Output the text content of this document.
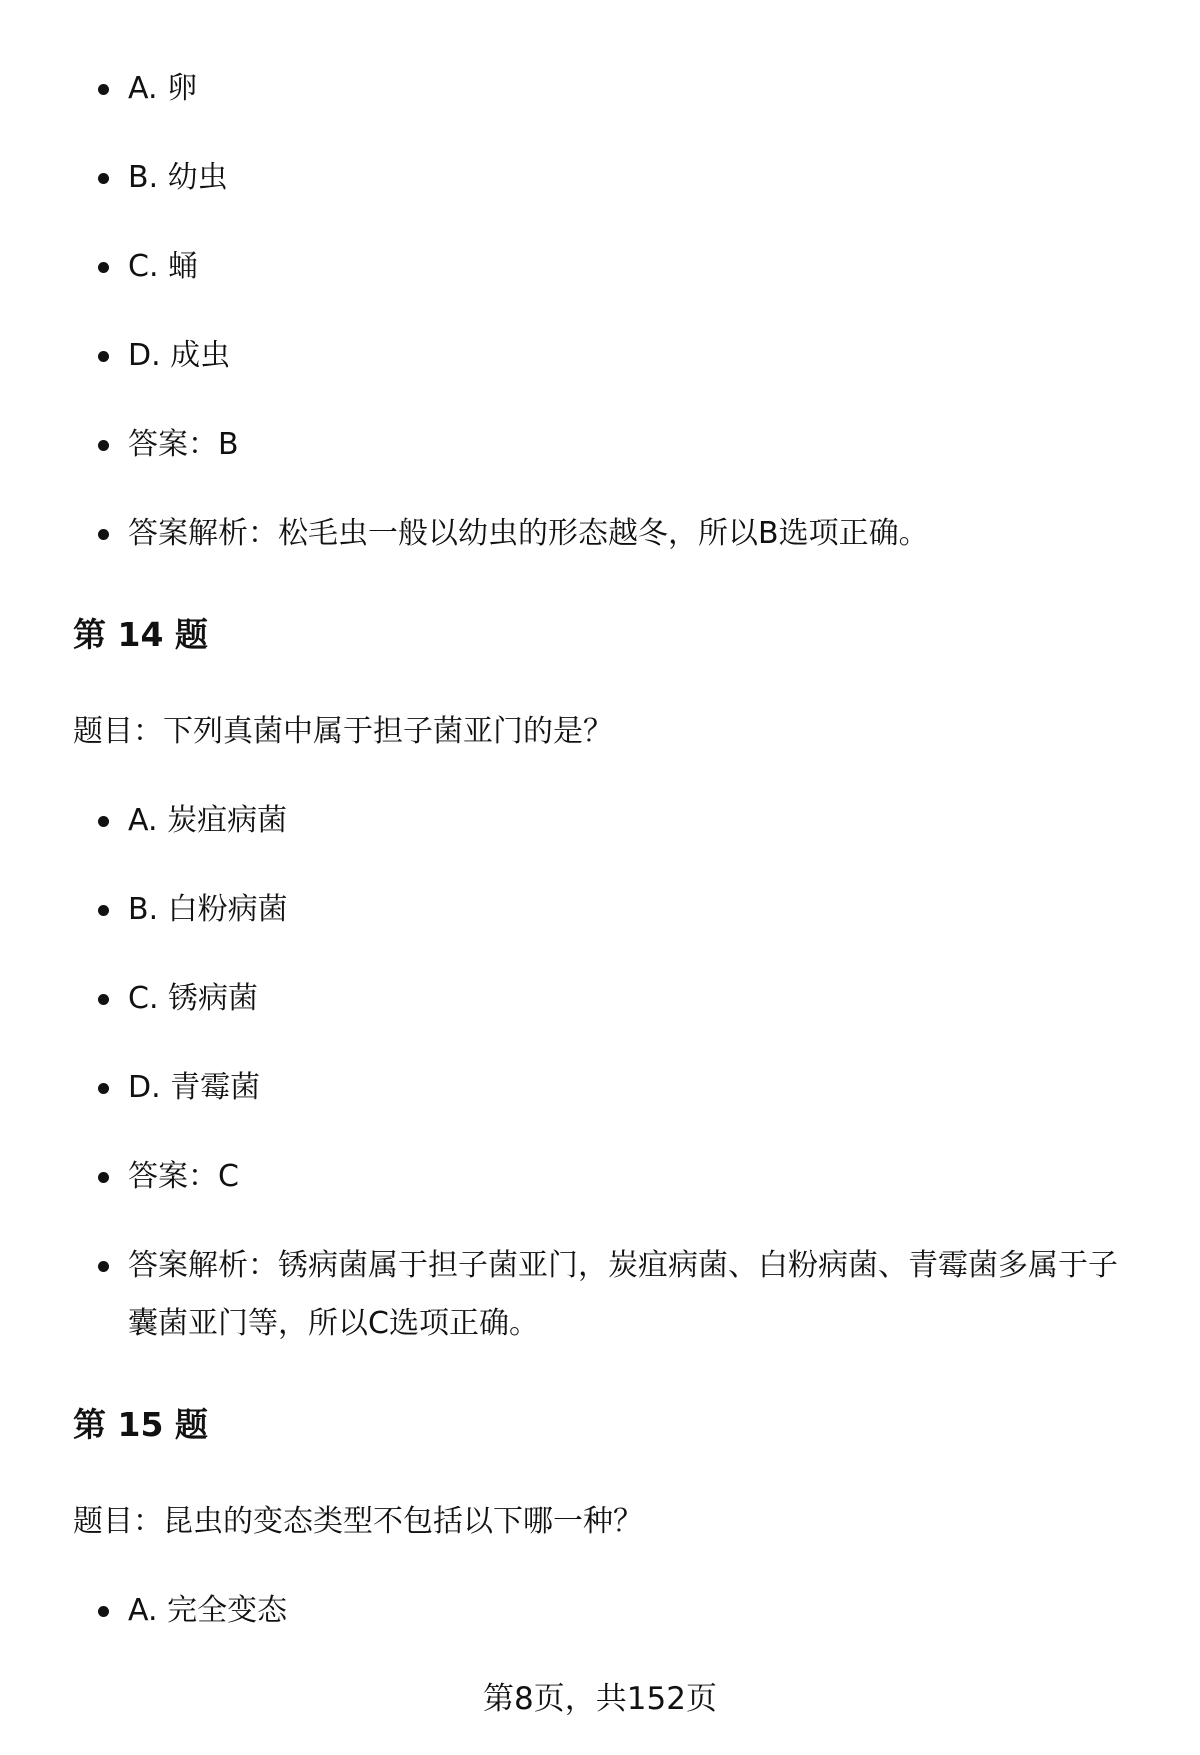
A. 卵
B. 幼虫
C. 蛹
D. 成虫
答案：B
答案解析：松毛虫一般以幼虫的形态越冬，所以B选项正确。
第 14 题
题目：下列真菌中属于担子菌亚门的是？
A. 炭疽病菌
B. 白粉病菌
C. 锈病菌
D. 青霉菌
答案：C
答案解析：锈病菌属于担子菌亚门，炭疽病菌、白粉病菌、青霉菌多属于子囊菌亚门等，所以C选项正确。
第 15 题
题目：昆虫的变态类型不包括以下哪一种？
A. 完全变态
第8页，共152页
